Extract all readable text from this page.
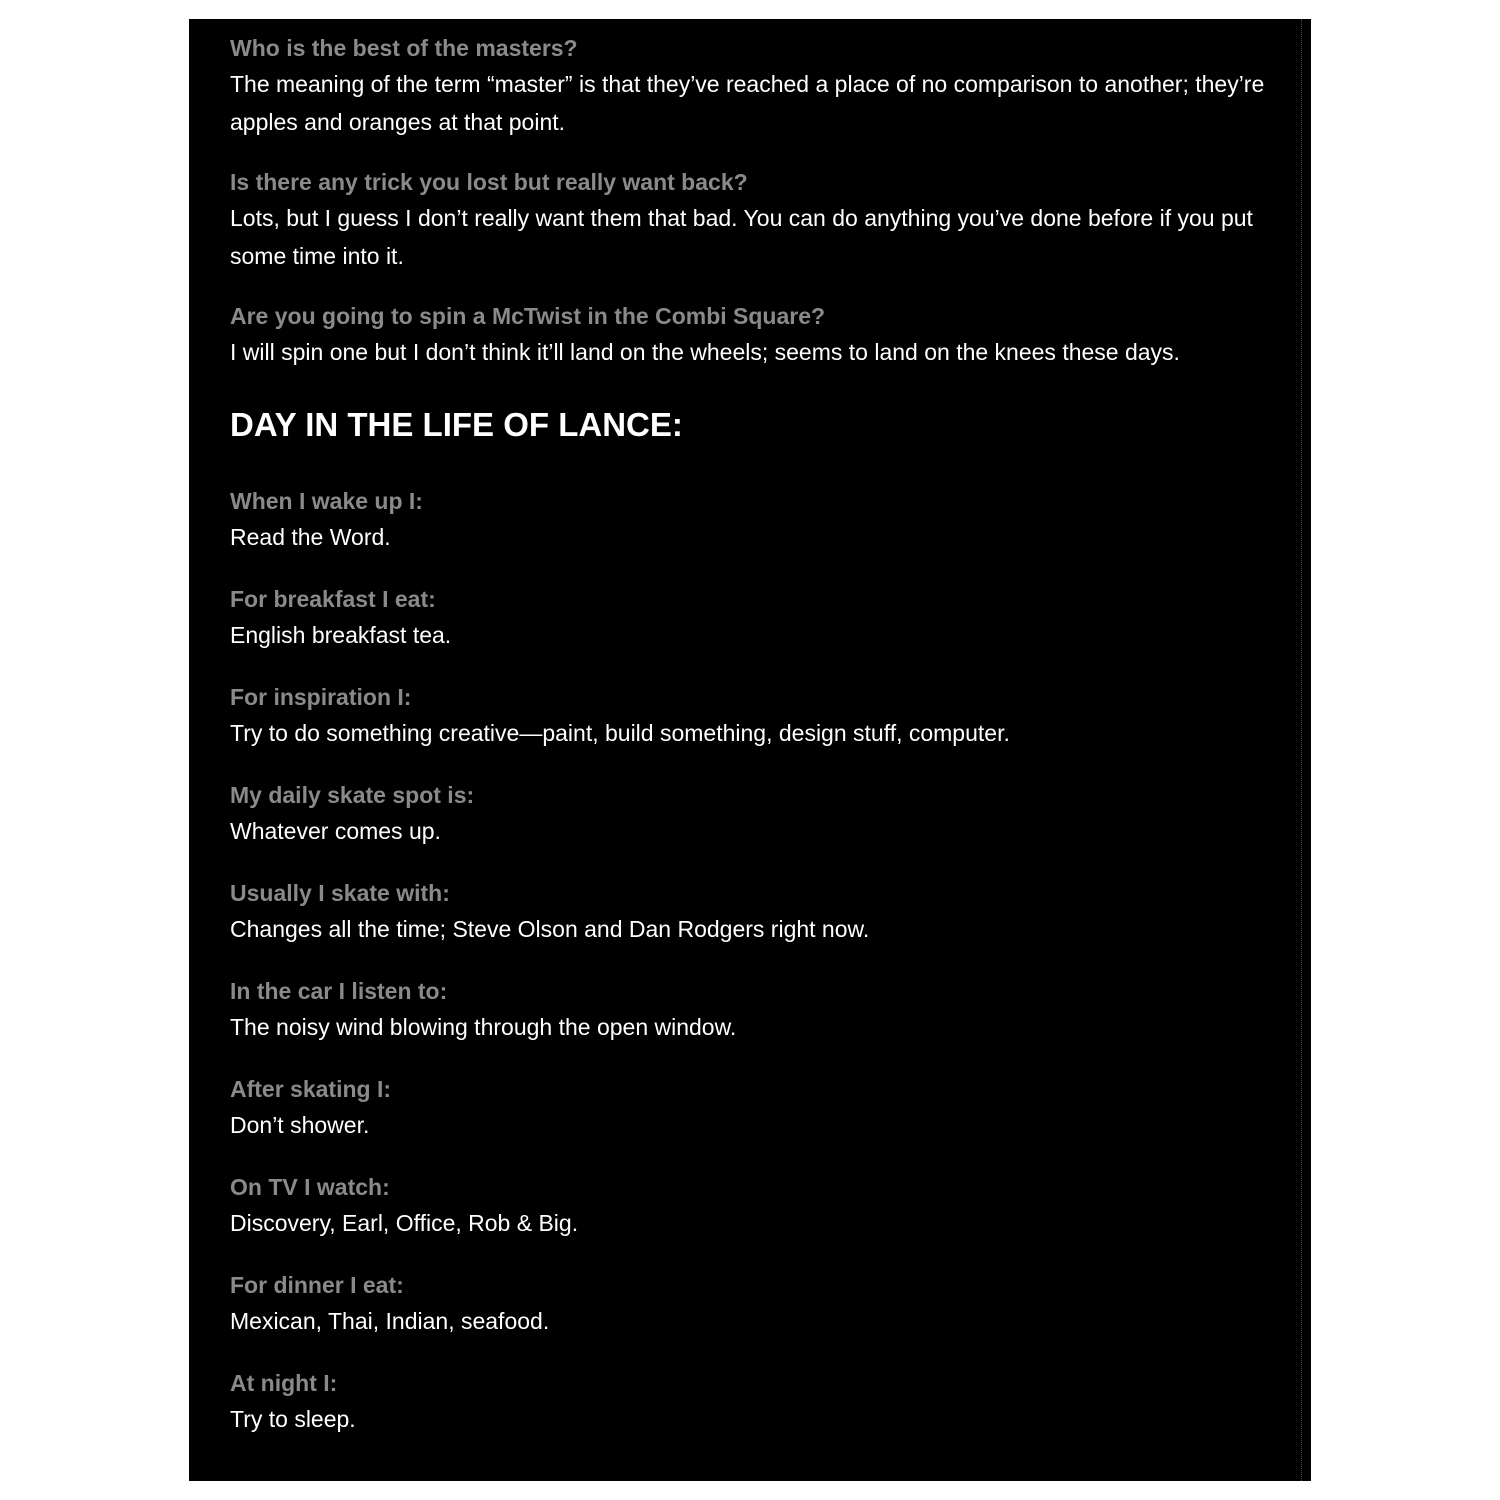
Who is the best of the masters?

The meaning of the term “master” is that they’ve reached a place of no comparison to another; they’re apples and oranges at that point.

Is there any trick you lost but really want back?

Lots, but I guess I don’t really want them that bad. You can do anything you’ve done before if you put some time into it.

Are you going to spin a McTwist in the Combi Square?

I will spin one but I don’t think it’ll land on the wheels; seems to land on the knees these days.

DAY IN THE LIFE OF LANCE:

When I wake up I:

Read the Word.

For breakfast I eat:

English breakfast tea.

For inspiration I:

Try to do something creative—paint, build something, design stuff, computer.

My daily skate spot is:

Whatever comes up.

Usually I skate with:

Changes all the time; Steve Olson and Dan Rodgers right now.

In the car I listen to:

The noisy wind blowing through the open window.

After skating I:

Don’t shower.

On TV I watch:

Discovery, Earl, Office, Rob & Big.

For dinner I eat:

Mexican, Thai, Indian, seafood.

At night I:

Try to sleep.
